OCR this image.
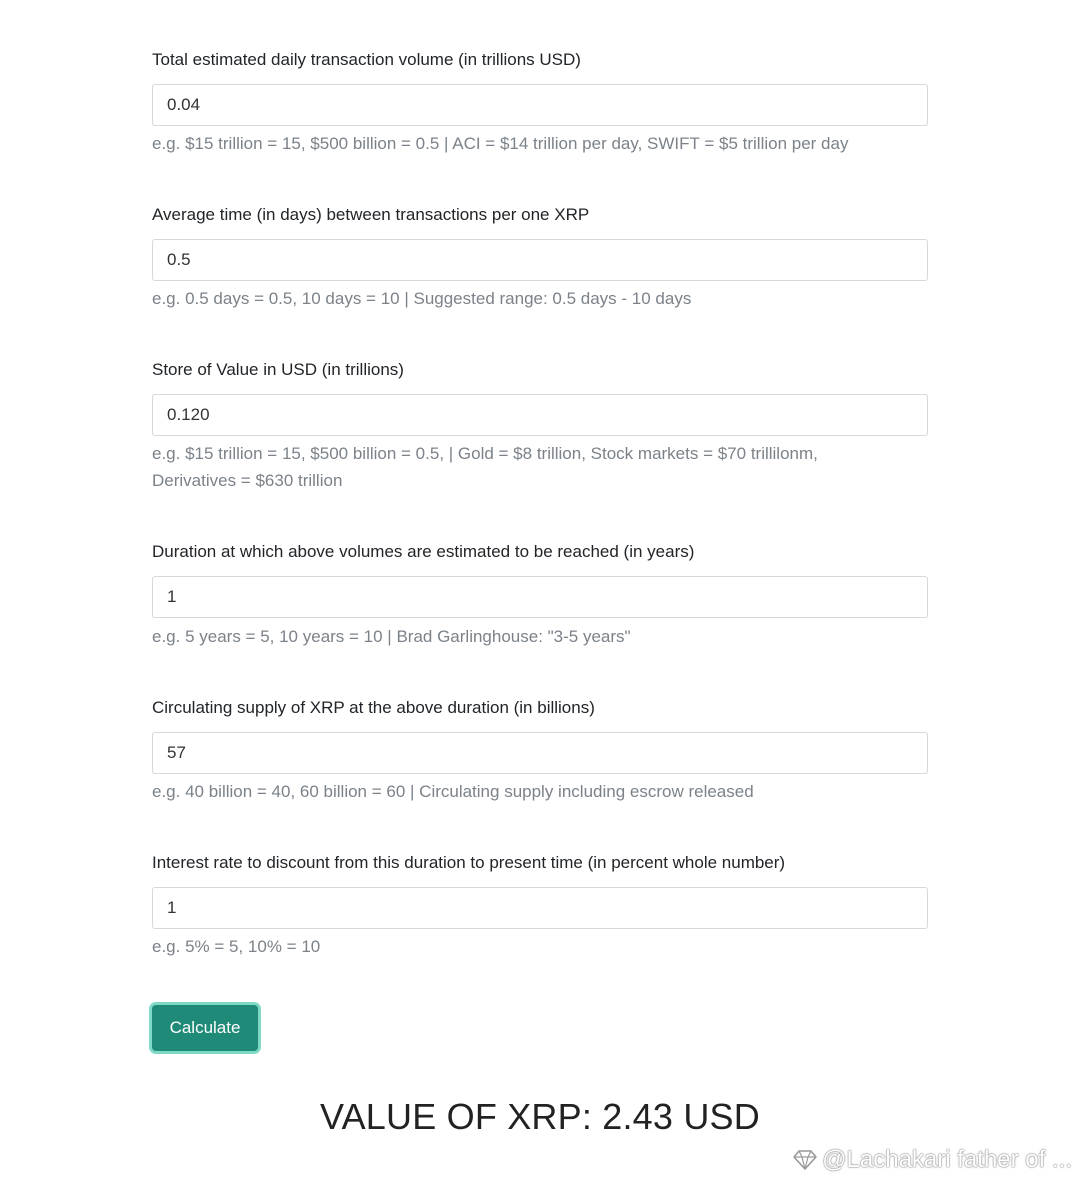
Total estimated daily transaction volume (in trillions USD)
0.04
e.g. $15 trillion = 15, $500 billion = 0.5 | ACI = $14 trillion per day, SWIFT = $5 trillion per day
Average time (in days) between transactions per one XRP
0.5
e.g. 0.5 days = 0.5, 10 days = 10 | Suggested range: 0.5 days - 10 days
Store of Value in USD (in trillions)
0.120
e.g. $15 trillion = 15, $500 billion = 0.5, | Gold = $8 trillion, Stock markets = $70 trillilonm, Derivatives = $630 trillion
Duration at which above volumes are estimated to be reached (in years)
1
e.g. 5 years = 5, 10 years = 10 | Brad Garlinghouse: "3-5 years"
Circulating supply of XRP at the above duration (in billions)
57
e.g. 40 billion = 40, 60 billion = 60 | Circulating supply including escrow released
Interest rate to discount from this duration to present time (in percent whole number)
1
e.g. 5% = 5, 10% = 10
Calculate
VALUE OF XRP: 2.43 USD
@Lachakari father of ...
